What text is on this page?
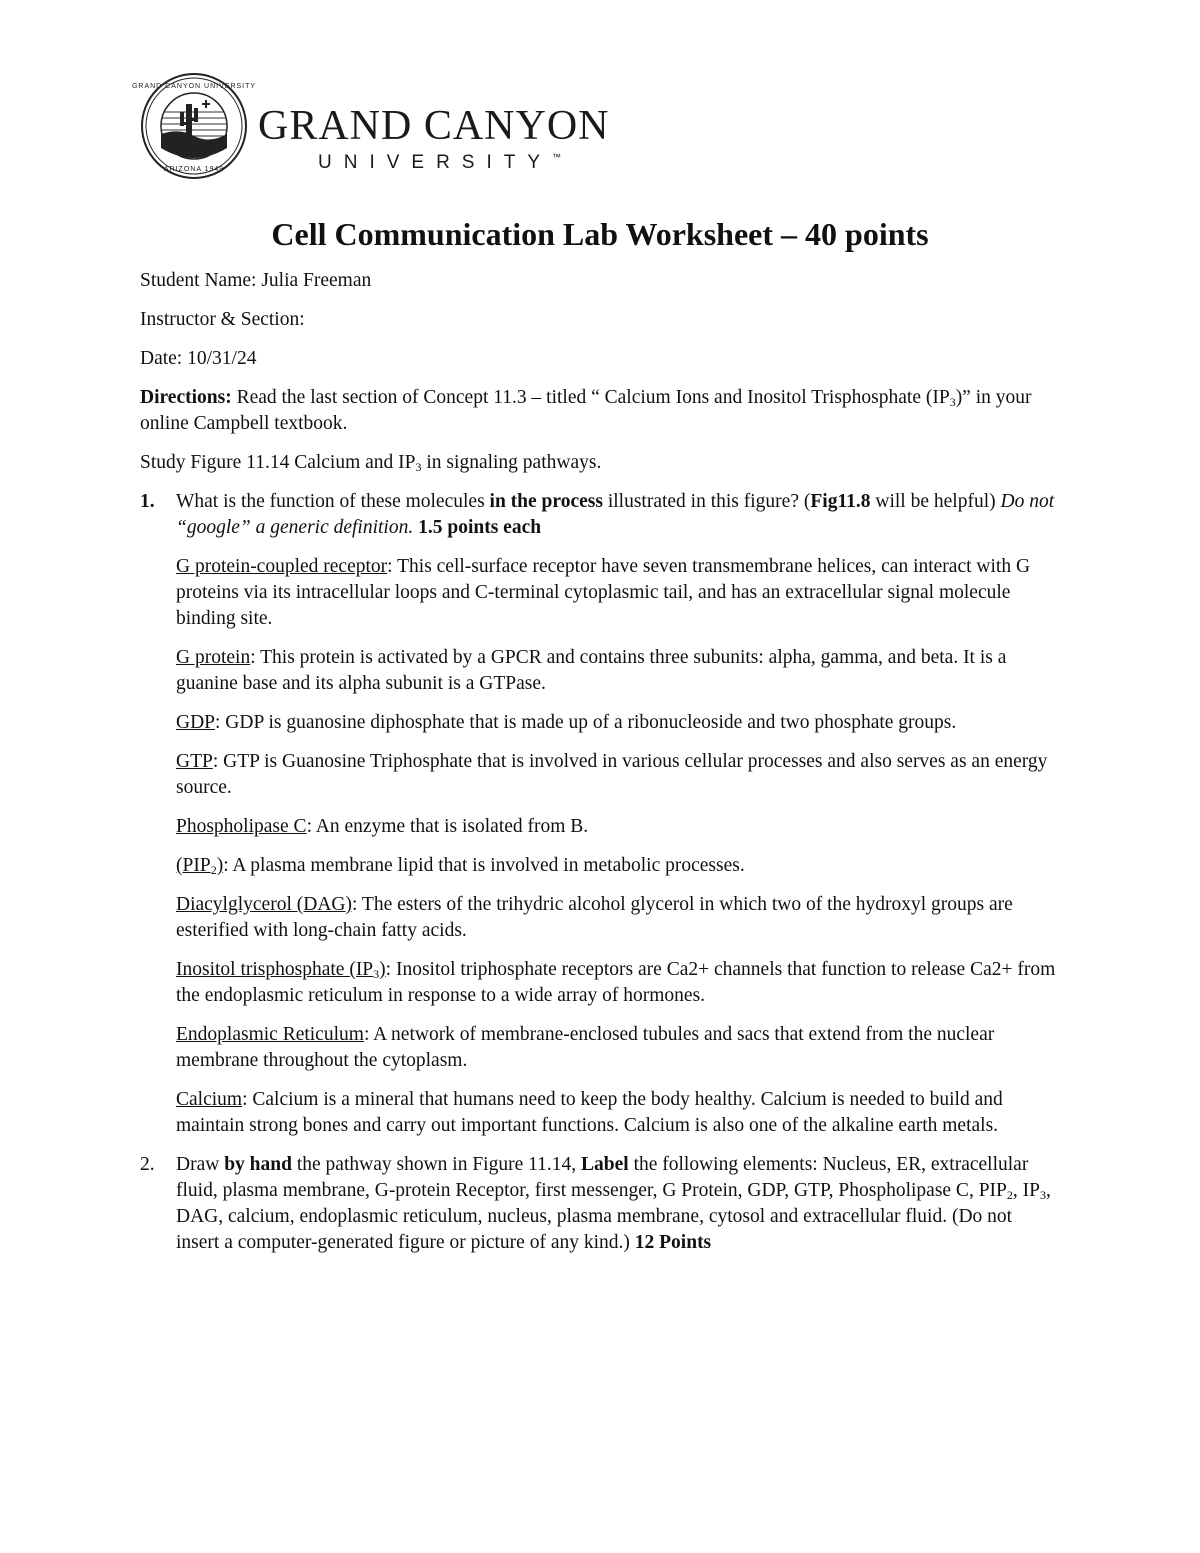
GRAND CANYON UNIVERSITY
ARIZONA 1949
GRAND CANYON
UNIVERSITY™
Cell Communication Lab Worksheet – 40 points

Student Name: Julia Freeman

Instructor & Section:

Date: 10/31/24

Directions: Read the last section of Concept 11.3 – titled “ Calcium Ions and Inositol Trisphosphate $(IP_3)$” in your online Campbell textbook.

Study Figure 11.14 Calcium and $IP_3$ in signaling pathways.

1. What is the function of these molecules in the process illustrated in this figure? (Fig11.8 will be helpful) Do not “google” a generic definition. 1.5 points each

G protein-coupled receptor: This cell-surface receptor have seven transmembrane helices, can interact with G proteins via its intracellular loops and C-terminal cytoplasmic tail, and has an extracellular signal molecule binding site.

G protein: This protein is activated by a GPCR and contains three subunits: alpha, gamma, and beta. It is a guanine base and its alpha subunit is a GTPase.

GDP: GDP is guanosine diphosphate that is made up of a ribonucleoside and two phosphate groups.

GTP: GTP is Guanosine Triphosphate that is involved in various cellular processes and also serves as an energy source.

Phospholipase C: An enzyme that is isolated from B.

$(PIP_2)$: A plasma membrane lipid that is involved in metabolic processes.

Diacylglycerol (DAG): The esters of the trihydric alcohol glycerol in which two of the hydroxyl groups are esterified with long-chain fatty acids.

Inositol trisphosphate $(IP_3)$: Inositol triphosphate receptors are Ca2+ channels that function to release Ca2+ from the endoplasmic reticulum in response to a wide array of hormones.

Endoplasmic Reticulum: A network of membrane-enclosed tubules and sacs that extend from the nuclear membrane throughout the cytoplasm.

Calcium: Calcium is a mineral that humans need to keep the body healthy. Calcium is needed to build and maintain strong bones and carry out important functions. Calcium is also one of the alkaline earth metals.

2. Draw by hand the pathway shown in Figure 11.14, Label the following elements: Nucleus, ER, extracellular fluid, plasma membrane, G-protein Receptor, first messenger, G Protein, GDP, GTP, Phospholipase C, $PIP_2$, $IP_3$, DAG, calcium, endoplasmic reticulum, nucleus, plasma membrane, cytosol and extracellular fluid. (Do not insert a computer-generated figure or picture of any kind.) 12 Points
